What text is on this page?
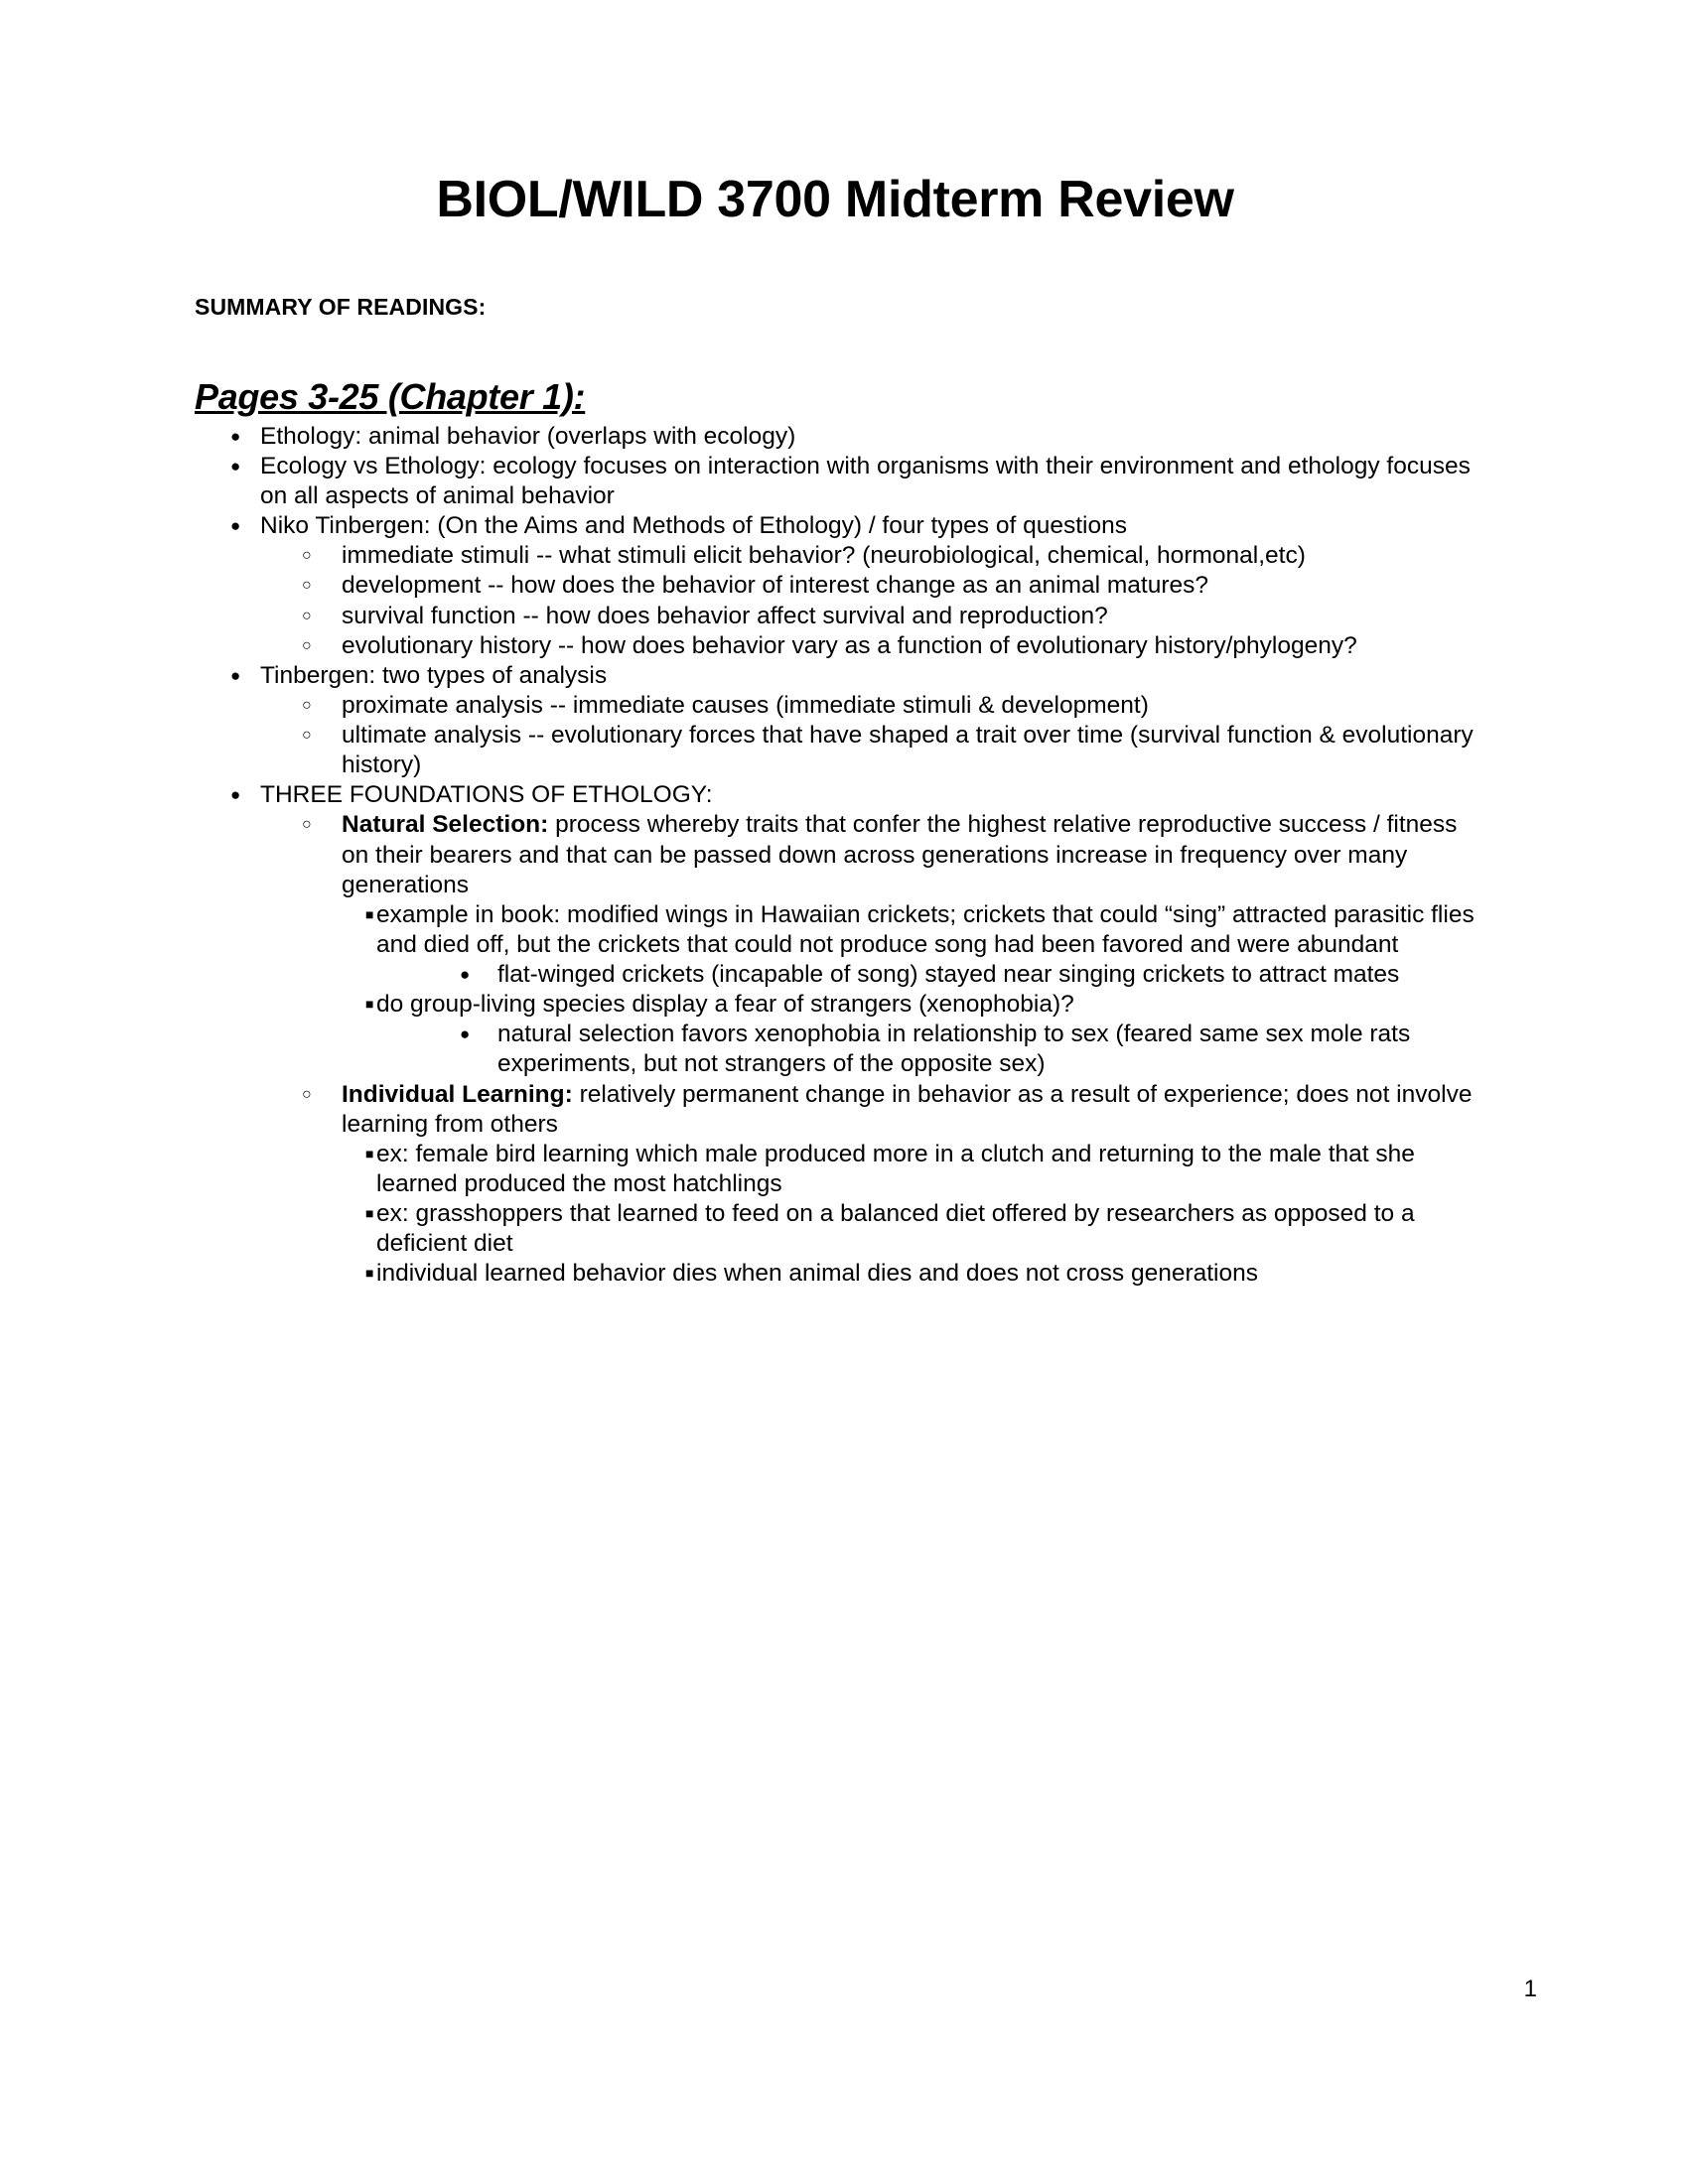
BIOL/WILD 3700 Midterm Review
SUMMARY OF READINGS:
Pages 3-25 (Chapter 1):
● Ethology: animal behavior (overlaps with ecology)
● Ecology vs Ethology: ecology focuses on interaction with organisms with their environment and ethology focuses on all aspects of animal behavior
● Niko Tinbergen: (On the Aims and Methods of Ethology) / four types of questions
○ immediate stimuli -- what stimuli elicit behavior? (neurobiological, chemical, hormonal,etc)
○ development -- how does the behavior of interest change as an animal matures?
○ survival function -- how does behavior affect survival and reproduction?
○ evolutionary history -- how does behavior vary as a function of evolutionary history/phylogeny?
● Tinbergen: two types of analysis
○ proximate analysis -- immediate causes (immediate stimuli & development)
○ ultimate analysis -- evolutionary forces that have shaped a trait over time (survival function & evolutionary history)
● THREE FOUNDATIONS OF ETHOLOGY:
○ Natural Selection: process whereby traits that confer the highest relative reproductive success / fitness on their bearers and that can be passed down across generations increase in frequency over many generations
■ example in book: modified wings in Hawaiian crickets; crickets that could “sing” attracted parasitic flies and died off, but the crickets that could not produce song had been favored and were abundant
● flat-winged crickets (incapable of song) stayed near singing crickets to attract mates
■ do group-living species display a fear of strangers (xenophobia)?
● natural selection favors xenophobia in relationship to sex (feared same sex mole rats experiments, but not strangers of the opposite sex)
○ Individual Learning: relatively permanent change in behavior as a result of experience; does not involve learning from others
■ ex: female bird learning which male produced more in a clutch and returning to the male that she learned produced the most hatchlings
■ ex: grasshoppers that learned to feed on a balanced diet offered by researchers as opposed to a deficient diet
■ individual learned behavior dies when animal dies and does not cross generations
1
